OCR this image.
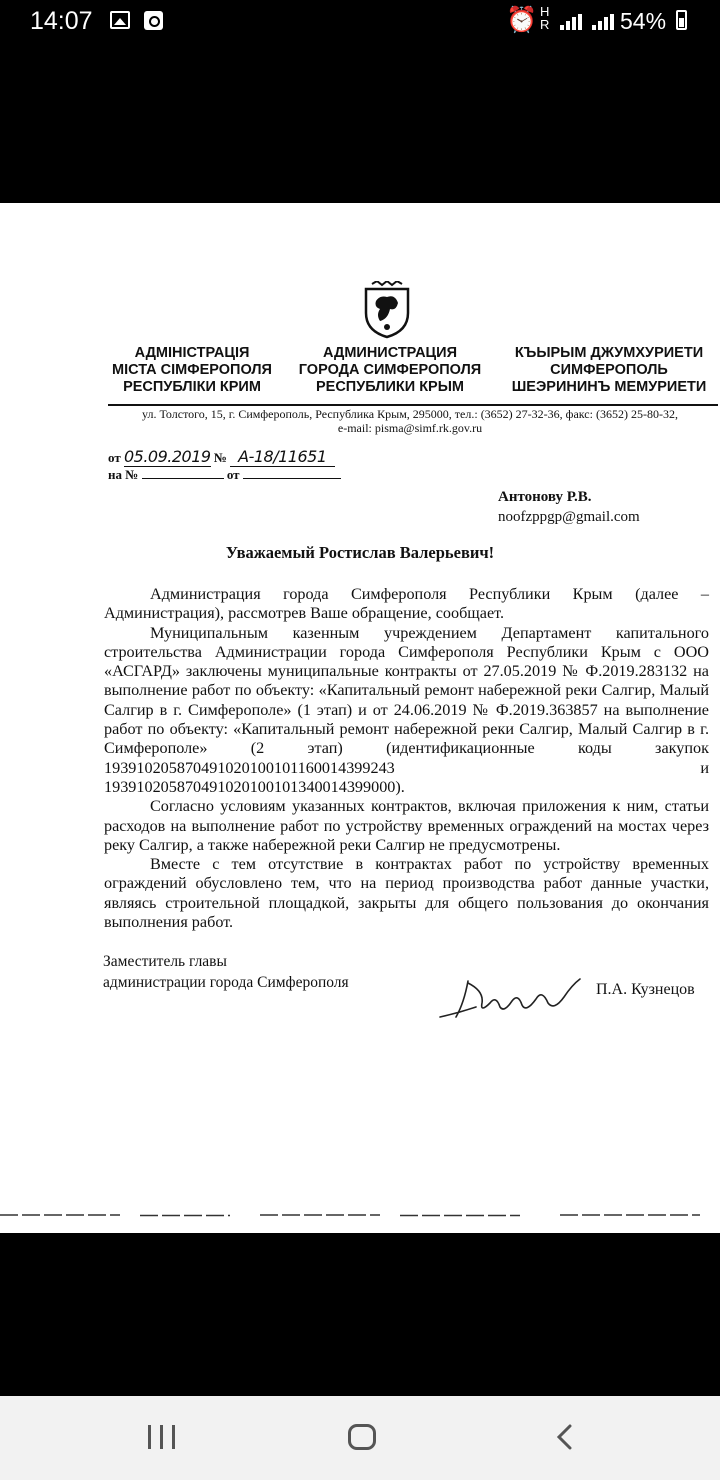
14:07	⏰ H R	54%
АДМІНІСТРАЦІЯ
МІСТА СІМФЕРОПОЛЯ
РЕСПУБЛІКИ КРИМ
АДМИНИСТРАЦИЯ
ГОРОДА СИМФЕРОПОЛЯ
РЕСПУБЛИКИ КРЫМ
КЪЫРЫМ ДЖУМХУРИЕТИ
СИМФЕРОПОЛЬ
ШЕЭРИНИНЪ МЕМУРИЕТИ
ул. Толстого, 15, г. Симферополь, Республика Крым, 295000, тел.: (3652) 27-32-36, факс: (3652) 25-80-32,
e-mail: pisma@simf.rk.gov.ru
от 05.09.2019 № А-18/11651
на №	от
Антонову Р.В.
noofzppgp@gmail.com
Уважаемый Ростислав Валерьевич!

Администрация города Симферополя Республики Крым (далее – Администрация), рассмотрев Ваше обращение, сообщает.

Муниципальным казенным учреждением Департамент капитального строительства Администрации города Симферополя Республики Крым с ООО «АСГАРД» заключены муниципальные контракты от 27.05.2019 № Ф.2019.283132 на выполнение работ по объекту: «Капитальный ремонт набережной реки Салгир, Малый Салгир в г. Симферополе» (1 этап) и от 24.06.2019 № Ф.2019.363857 на выполнение работ по объекту: «Капитальный ремонт набережной реки Салгир, Малый Салгир в г. Симферополе» (2 этап) (идентификационные коды закупок 193910205870491020100101160014399243 и 193910205870491020100101340014399000).

Согласно условиям указанных контрактов, включая приложения к ним, статьи расходов на выполнение работ по устройству временных ограждений на мостах через реку Салгир, а также набережной реки Салгир не предусмотрены.

Вместе с тем отсутствие в контрактах работ по устройству временных ограждений обусловлено тем, что на период производства работ данные участки, являясь строительной площадкой, закрыты для общего пользования до окончания выполнения работ.

Заместитель главы
администрации города Симферополя	П.А. Кузнецов
